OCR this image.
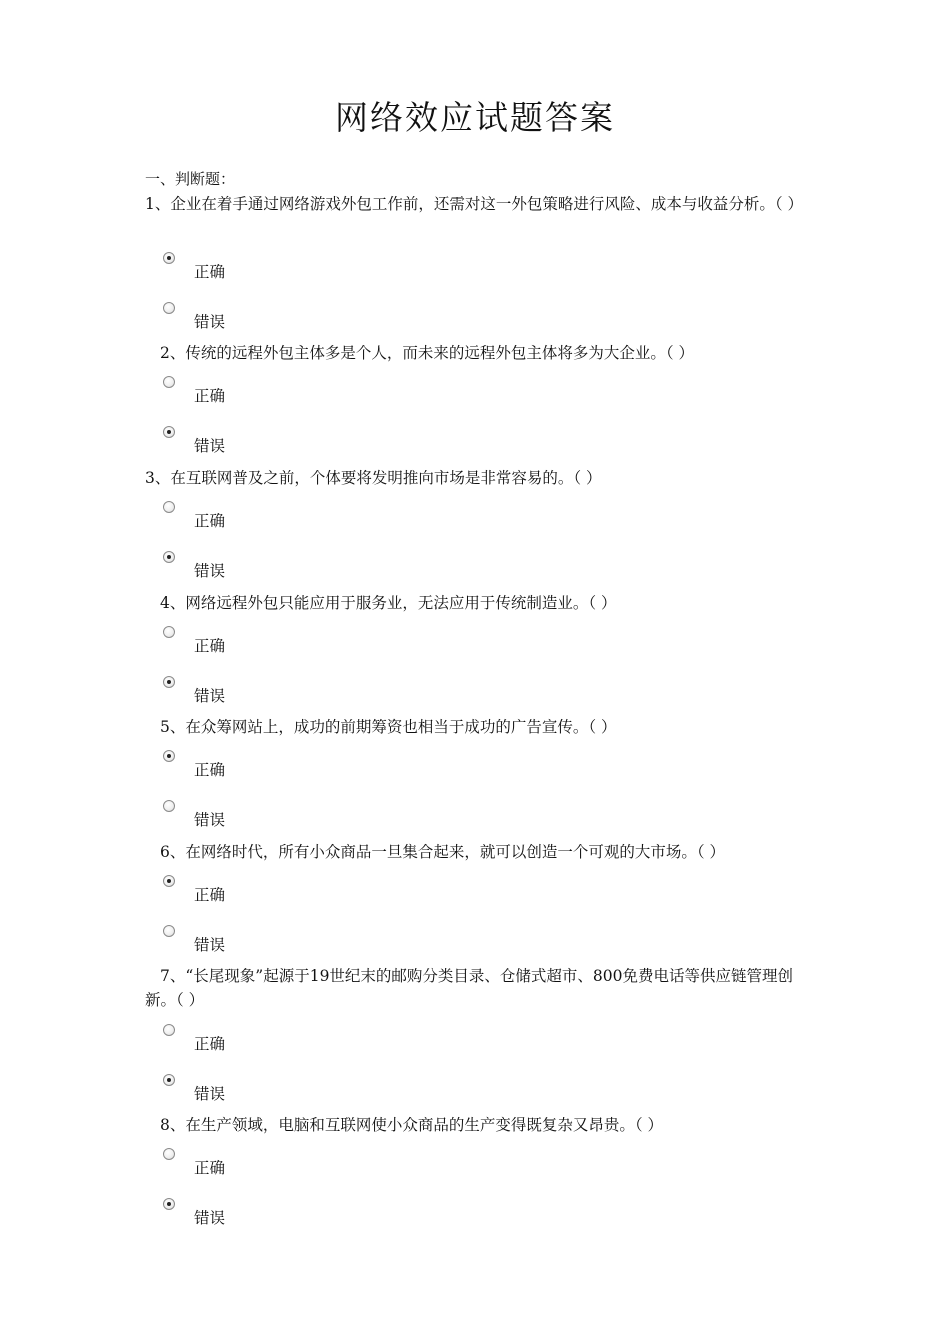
网络效应试题答案
一、判断题：
1、企业在着手通过网络游戏外包工作前，还需对这一外包策略进行风险、成本与收益分析。（ ）
正确
错误
2、传统的远程外包主体多是个人，而未来的远程外包主体将多为大企业。（ ）
正确
错误
3、在互联网普及之前，个体要将发明推向市场是非常容易的。（ ）
正确
错误
4、网络远程外包只能应用于服务业，无法应用于传统制造业。（ ）
正确
错误
5、在众筹网站上，成功的前期筹资也相当于成功的广告宣传。（ ）
正确
错误
6、在网络时代，所有小众商品一旦集合起来，就可以创造一个可观的大市场。（ ）
正确
错误
7、“长尾现象”起源于19世纪末的邮购分类目录、仓储式超市、800免费电话等供应链管理创新。（ ）
正确
错误
8、在生产领域，电脑和互联网使小众商品的生产变得既复杂又昂贵。（ ）
正确
错误
